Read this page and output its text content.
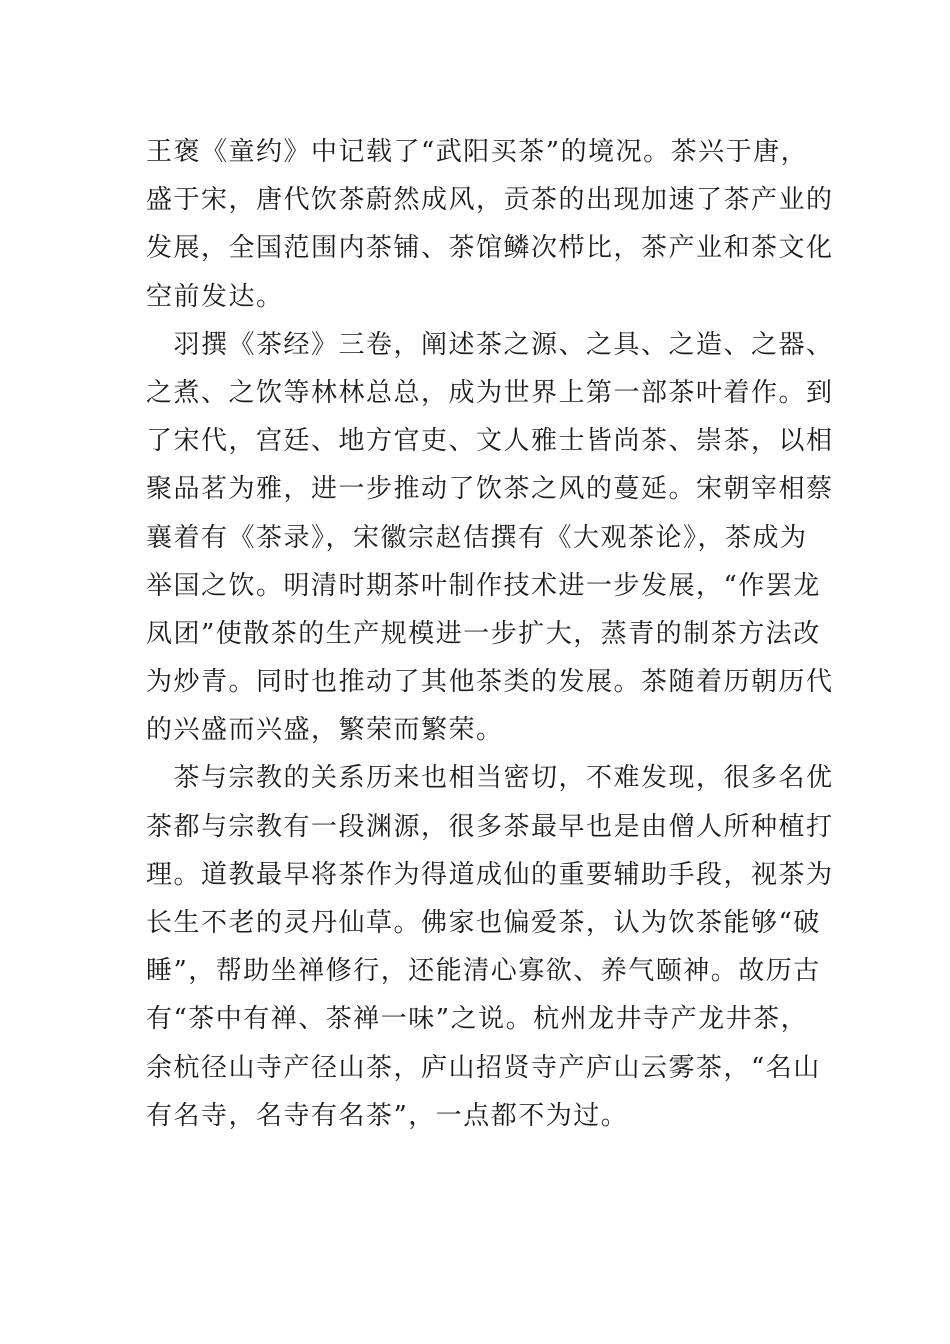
王褒《童约》中记载了“武阳买茶”的境况。茶兴于唐，
盛于宋，唐代饮茶蔚然成风，贡茶的出现加速了茶产业的
发展，全国范围内茶铺、茶馆鳞次栉比，茶产业和茶文化
空前发达。
　羽撰《茶经》三卷，阐述茶之源、之具、之造、之器、
之煮、之饮等林林总总，成为世界上第一部茶叶着作。到
了宋代，宫廷、地方官吏、文人雅士皆尚茶、崇茶，以相
聚品茗为雅，进一步推动了饮茶之风的蔓延。宋朝宰相蔡
襄着有《茶录》，宋徽宗赵佶撰有《大观茶论》，茶成为
举国之饮。明清时期茶叶制作技术进一步发展，“作罢龙
凤团”使散茶的生产规模进一步扩大，蒸青的制茶方法改
为炒青。同时也推动了其他茶类的发展。茶随着历朝历代
的兴盛而兴盛，繁荣而繁荣。
　茶与宗教的关系历来也相当密切，不难发现，很多名优
茶都与宗教有一段渊源，很多茶最早也是由僧人所种植打
理。道教最早将茶作为得道成仙的重要辅助手段，视茶为
长生不老的灵丹仙草。佛家也偏爱茶，认为饮茶能够“破
睡”，帮助坐禅修行，还能清心寡欲、养气颐神。故历古
有“茶中有禅、茶禅一味”之说。杭州龙井寺产龙井茶，
余杭径山寺产径山茶，庐山招贤寺产庐山云雾茶，“名山
有名寺，名寺有名茶”，一点都不为过。
